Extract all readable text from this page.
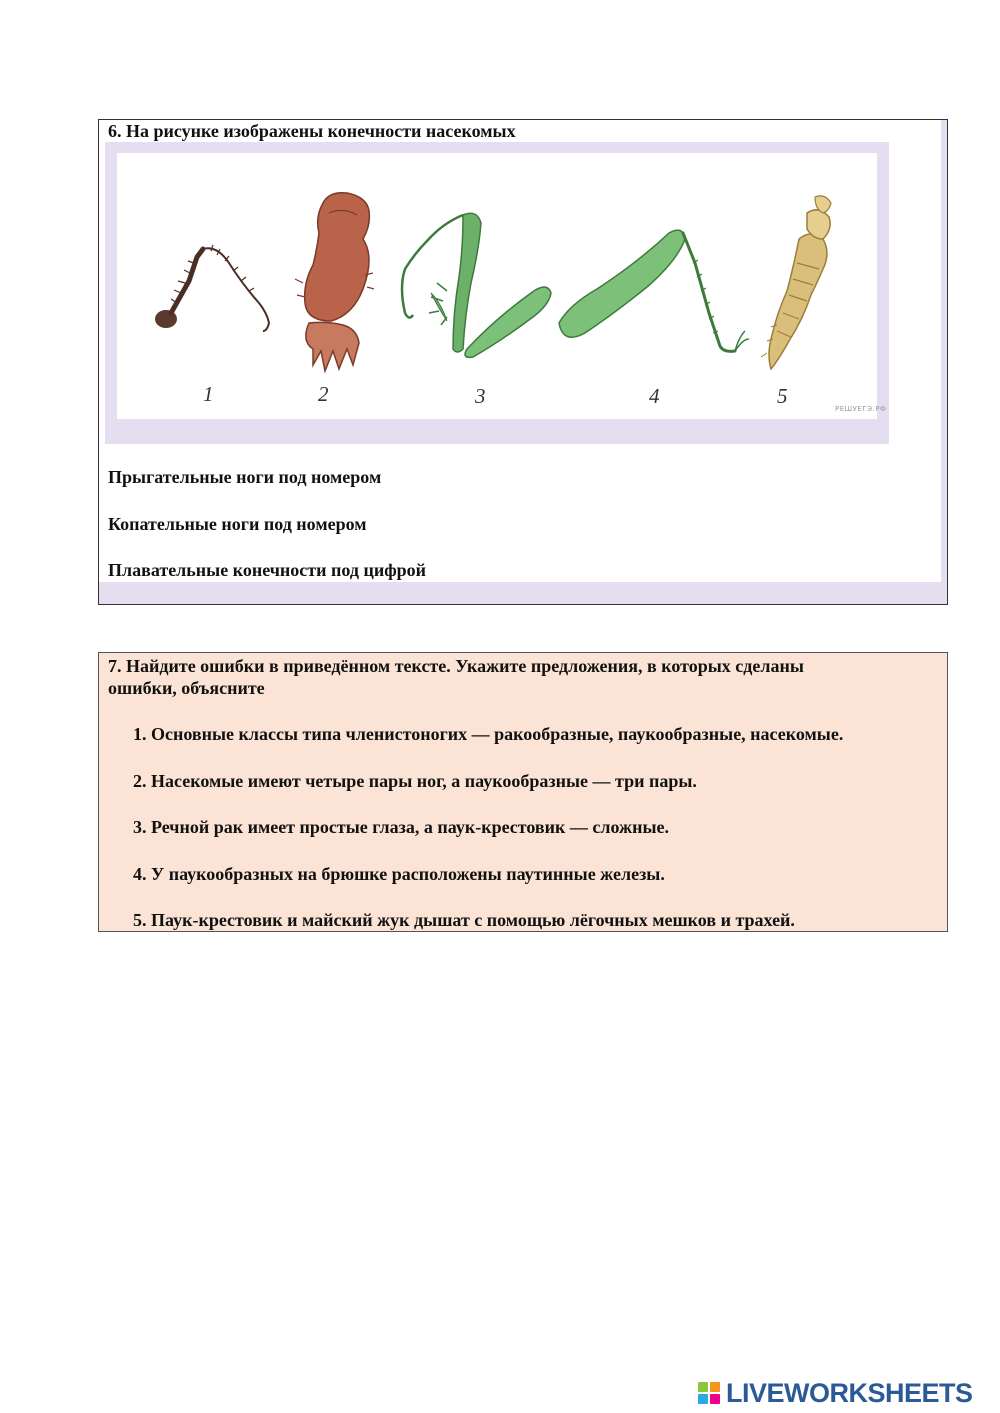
6. На рисунке изображены конечности насекомых
1	2	3	4	5
РЕШУЕГЭ.РФ
Прыгательные ноги под номером
Копательные ноги под номером
Плавательные конечности под цифрой
7. Найдите ошибки в приведённом тексте. Укажите предложения, в которых сделаны
ошибки, объясните
1. Основные классы типа членистоногих — ракообразные, паукообразные, насекомые.
2. Насекомые имеют четыре пары ног, а паукообразные — три пары.
3. Речной рак имеет простые глаза, а паук-крестовик — сложные.
4. У паукообразных на брюшке расположены паутинные железы.
5. Паук-крестовик и майский жук дышат с помощью лёгочных мешков и трахей.
LIVEWORKSHEETS
